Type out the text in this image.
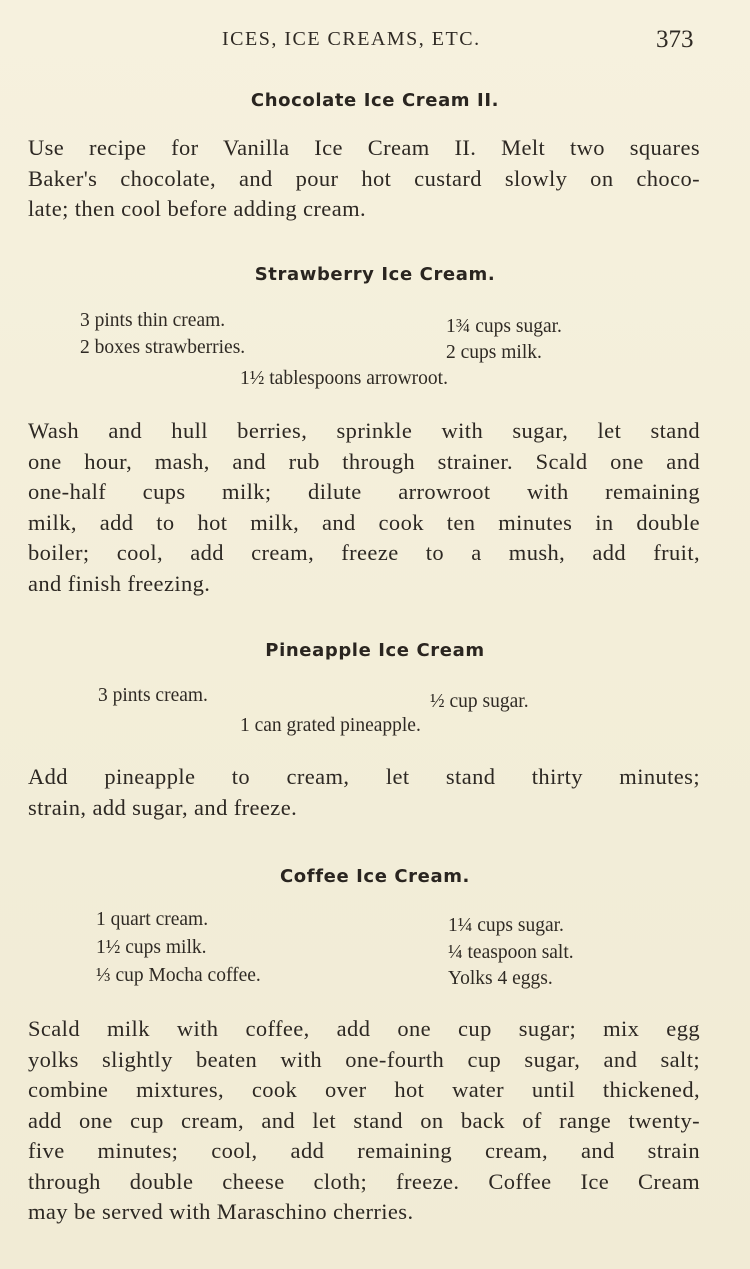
ICES, ICE CREAMS, ETC.	373
Chocolate Ice Cream II.
Use recipe for Vanilla Ice Cream II. Melt two squares
Baker's chocolate, and pour hot custard slowly on choco-
late; then cool before adding cream.
Strawberry Ice Cream.
3 pints thin cream.
2 boxes strawberries.
1¾ cups sugar.
2 cups milk.
1½ tablespoons arrowroot.
Wash and hull berries, sprinkle with sugar, let stand
one hour, mash, and rub through strainer. Scald one and
one-half cups milk; dilute arrowroot with remaining
milk, add to hot milk, and cook ten minutes in double
boiler; cool, add cream, freeze to a mush, add fruit,
and finish freezing.
Pineapple Ice Cream
3 pints cream.	½ cup sugar.
1 can grated pineapple.
Add pineapple to cream, let stand thirty minutes;
strain, add sugar, and freeze.
Coffee Ice Cream.
1 quart cream.
1½ cups milk.
⅓ cup Mocha coffee.
1¼ cups sugar.
¼ teaspoon salt.
Yolks 4 eggs.
Scald milk with coffee, add one cup sugar; mix egg
yolks slightly beaten with one-fourth cup sugar, and salt;
combine mixtures, cook over hot water until thickened,
add one cup cream, and let stand on back of range twenty-
five minutes; cool, add remaining cream, and strain
through double cheese cloth; freeze. Coffee Ice Cream
may be served with Maraschino cherries.
